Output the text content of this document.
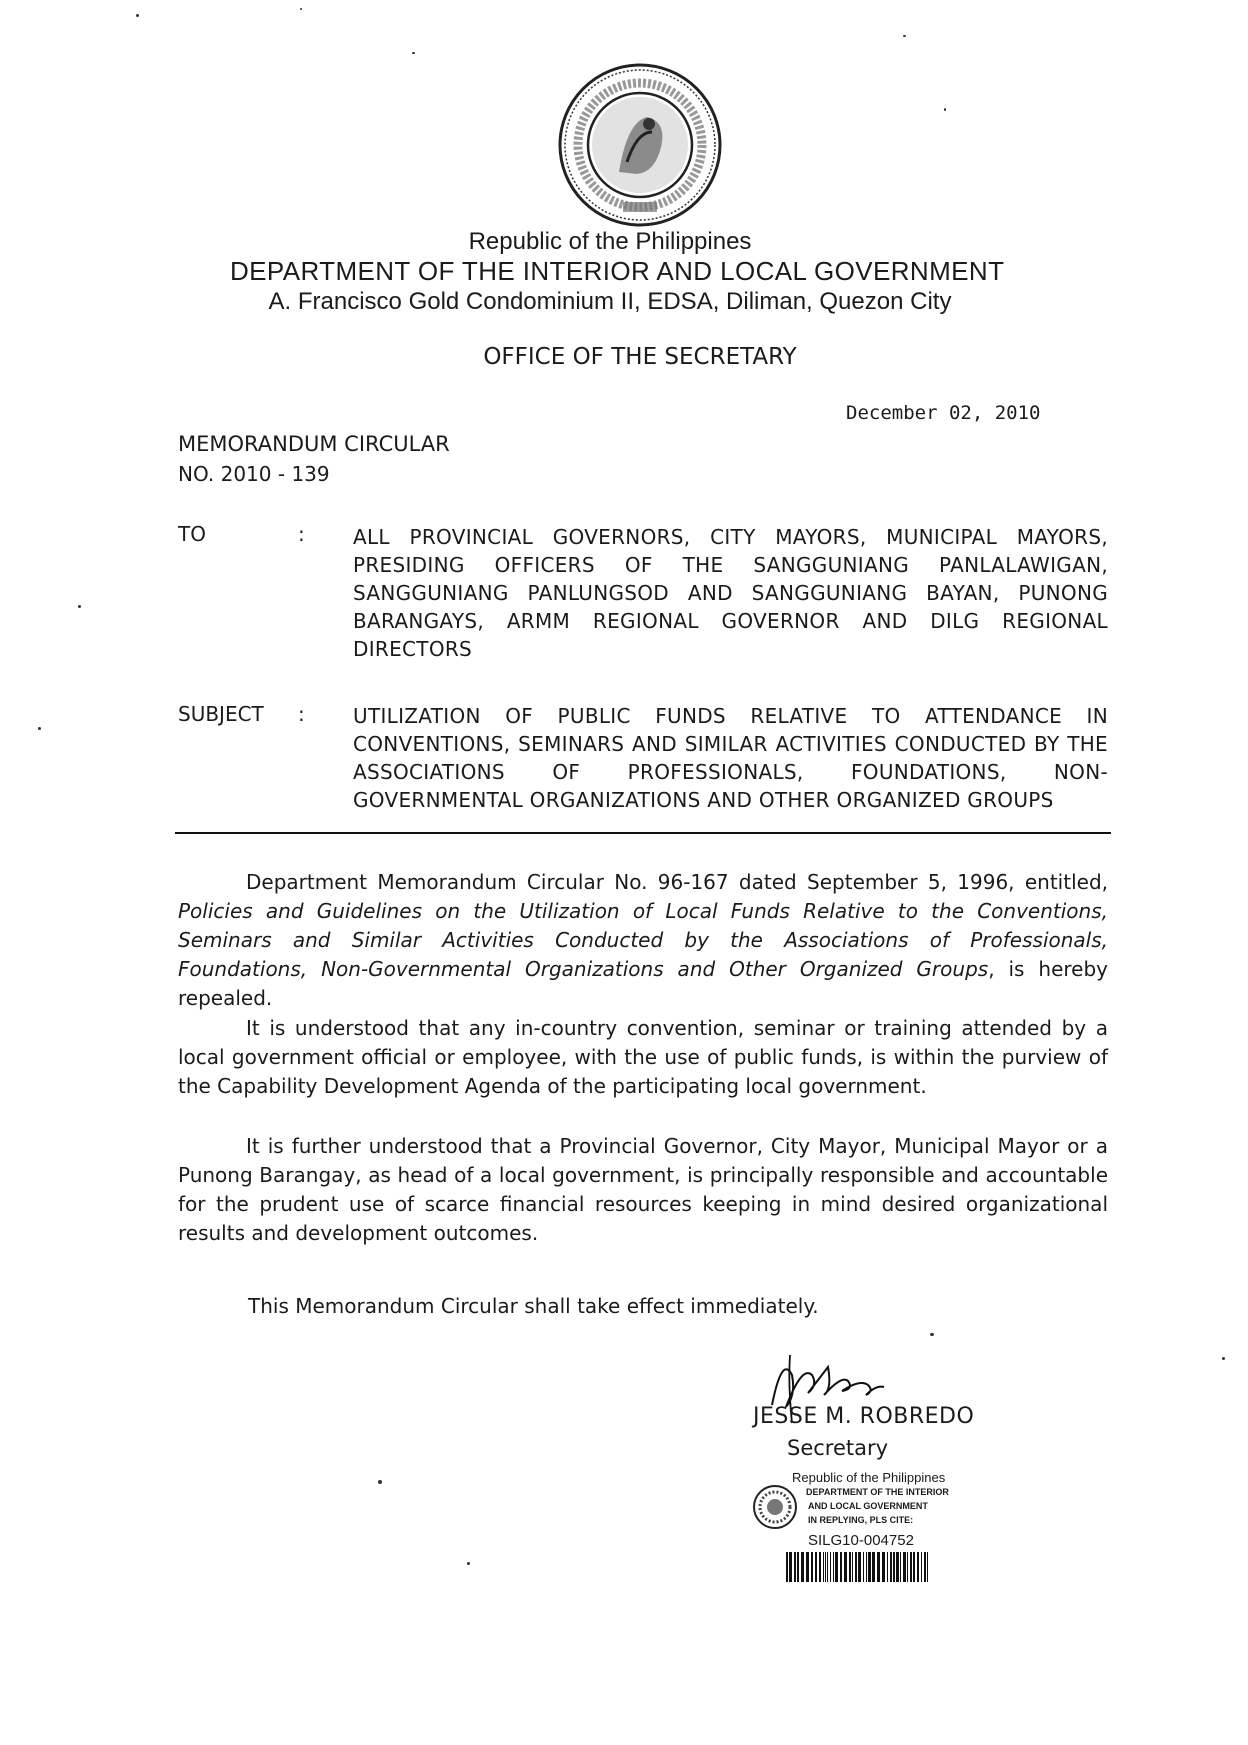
Republic of the Philippines
DEPARTMENT OF THE INTERIOR AND LOCAL GOVERNMENT
A. Francisco Gold Condominium II, EDSA, Diliman, Quezon City
OFFICE OF THE SECRETARY
December 02, 2010
MEMORANDUM CIRCULAR
NO. 2010 - 139
TO	: ALL PROVINCIAL GOVERNORS, CITY MAYORS, MUNICIPAL MAYORS, PRESIDING OFFICERS OF THE SANGGUNIANG PANLALAWIGAN, SANGGUNIANG PANLUNGSOD AND SANGGUNIANG BAYAN, PUNONG BARANGAYS, ARMM REGIONAL GOVERNOR AND DILG REGIONAL DIRECTORS
SUBJECT : UTILIZATION OF PUBLIC FUNDS RELATIVE TO ATTENDANCE IN CONVENTIONS, SEMINARS AND SIMILAR ACTIVITIES CONDUCTED BY THE ASSOCIATIONS OF PROFESSIONALS, FOUNDATIONS, NON-GOVERNMENTAL ORGANIZATIONS AND OTHER ORGANIZED GROUPS
Department Memorandum Circular No. 96-167 dated September 5, 1996, entitled, Policies and Guidelines on the Utilization of Local Funds Relative to the Conventions, Seminars and Similar Activities Conducted by the Associations of Professionals, Foundations, Non-Governmental Organizations and Other Organized Groups, is hereby repealed.
It is understood that any in-country convention, seminar or training attended by a local government official or employee, with the use of public funds, is within the purview of the Capability Development Agenda of the participating local government.
It is further understood that a Provincial Governor, City Mayor, Municipal Mayor or a Punong Barangay, as head of a local government, is principally responsible and accountable for the prudent use of scarce financial resources keeping in mind desired organizational results and development outcomes.
This Memorandum Circular shall take effect immediately.
JESSE M. ROBREDO
Secretary
Republic of the Philippines
DEPARTMENT OF THE INTERIOR
AND LOCAL GOVERNMENT
IN REPLYING, PLS CITE:
SILG10-004752
